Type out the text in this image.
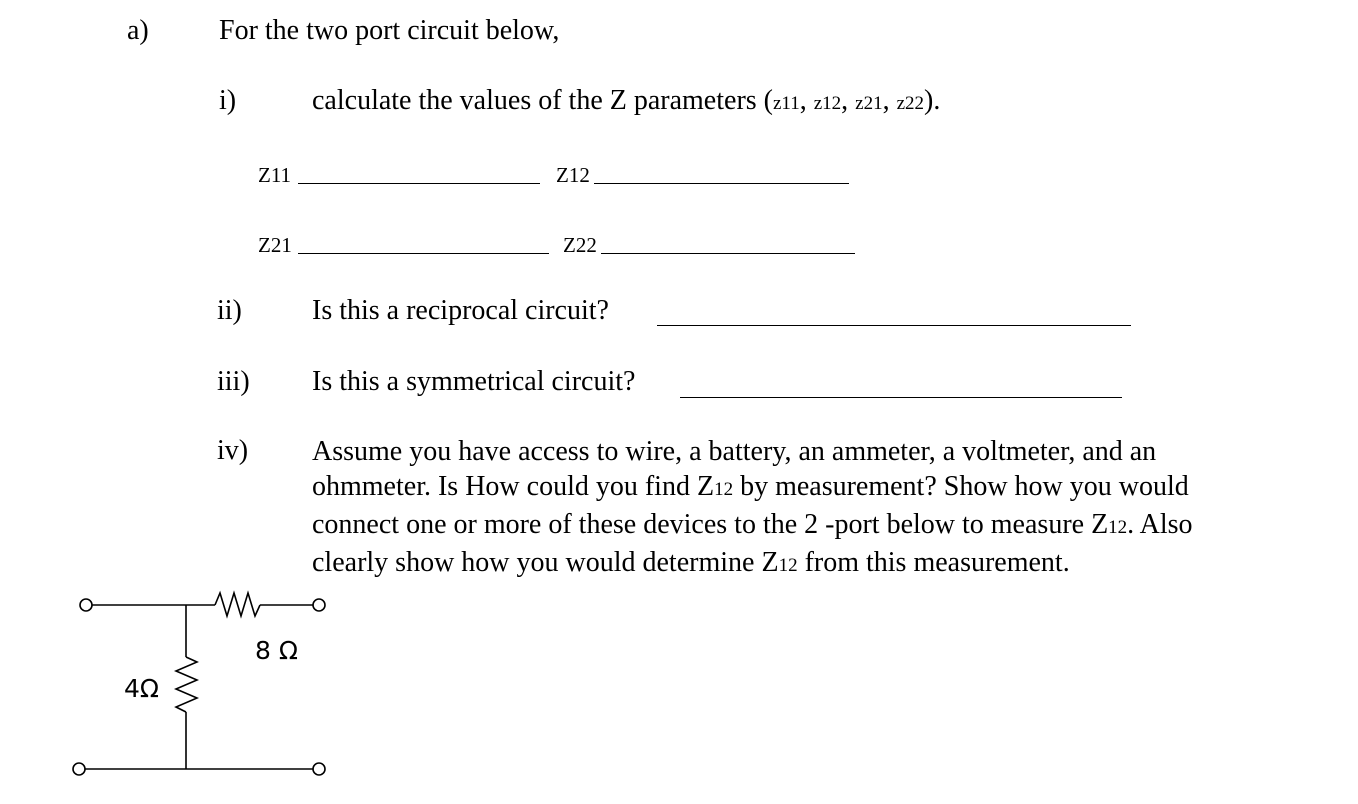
a)	For the two port circuit below,
i)	calculate the values of the Z parameters (z11, z12, z21, z22).
Z11	Z12
Z21	Z22
ii)	Is this a reciprocal circuit?
iii) Is this a symmetrical circuit?
iv) Assume you have access to wire, a battery, an ammeter, a voltmeter, and an
ohmmeter. Is How could you find Z12 by measurement? Show how you would
connect one or more of these devices to the 2 -port below to measure Z12. Also
clearly show how you would determine Z12 from this measurement.
8 Ω
4Ω
